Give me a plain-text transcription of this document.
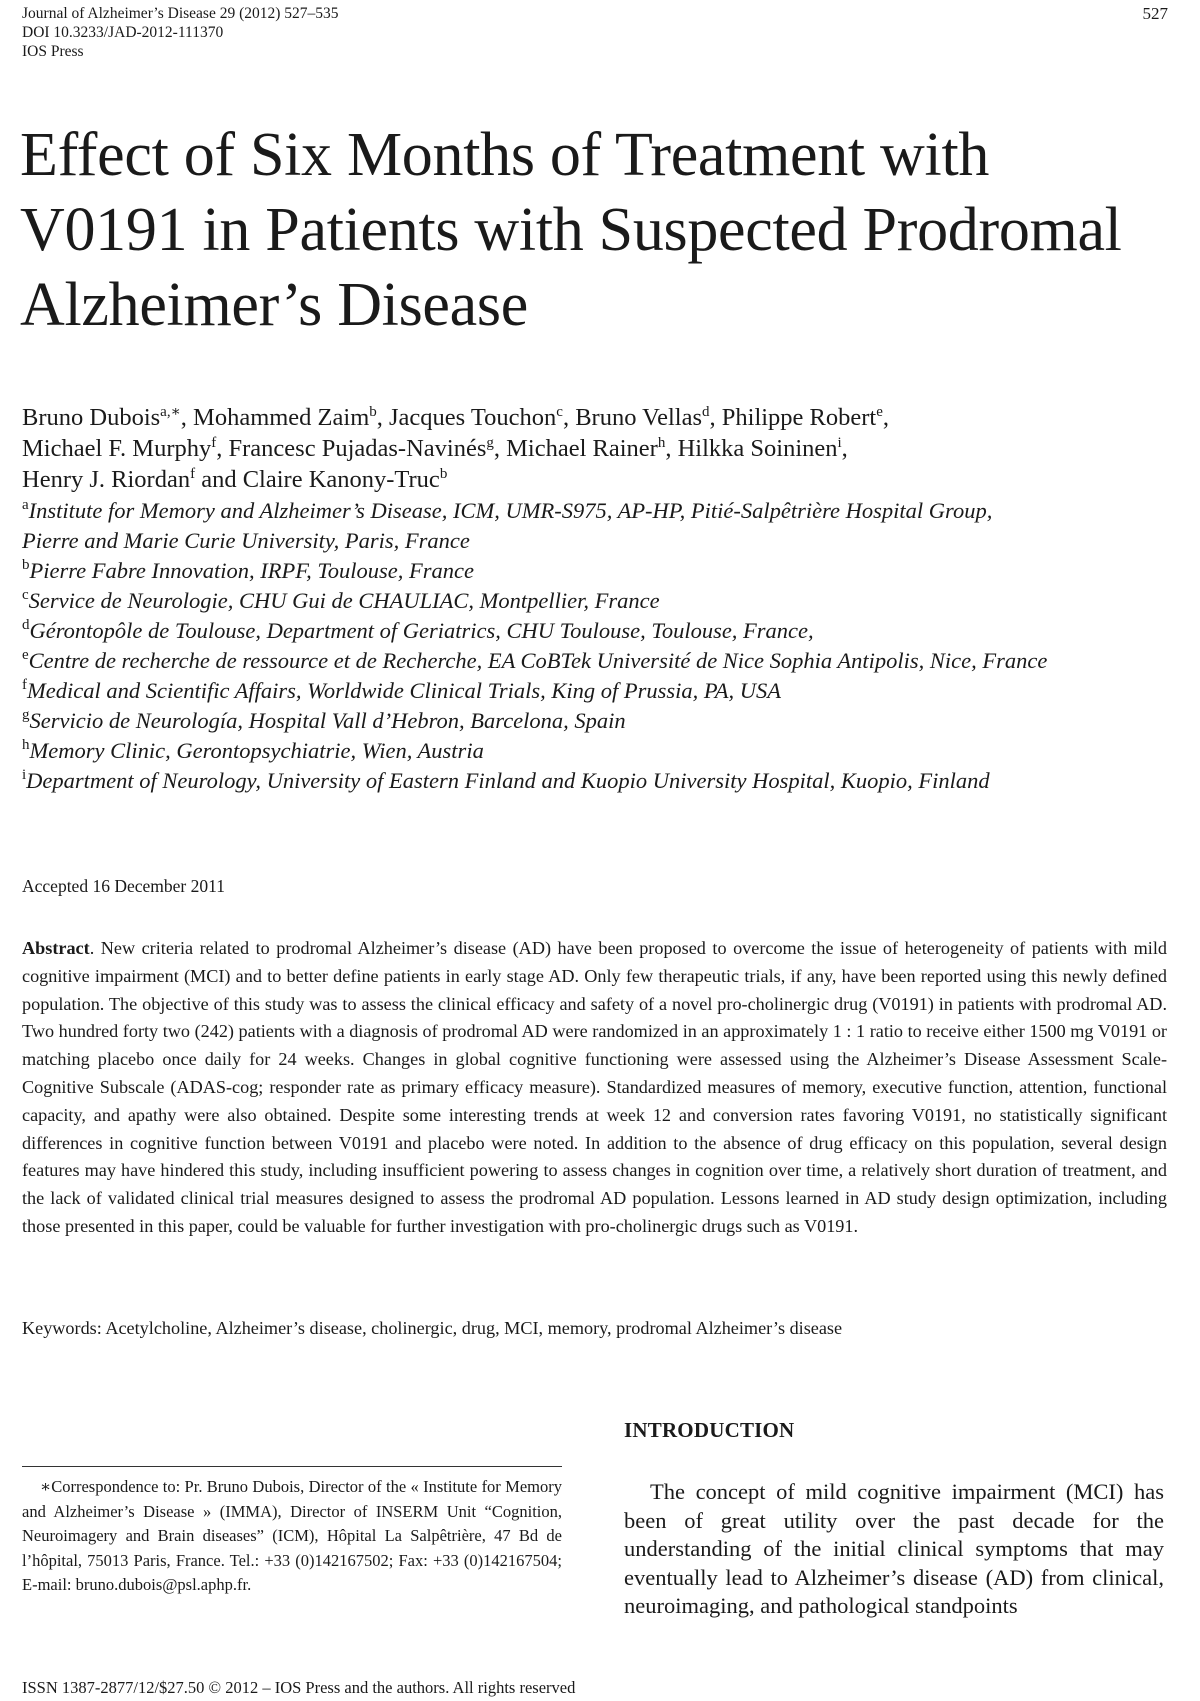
Journal of Alzheimer’s Disease 29 (2012) 527–535
DOI 10.3233/JAD-2012-111370
IOS Press
527
Effect of Six Months of Treatment with V0191 in Patients with Suspected Prodromal Alzheimer’s Disease
Bruno Dubois$^{a,∗}$, Mohammed Zaim$^b$, Jacques Touchon$^c$, Bruno Vellas$^d$, Philippe Robert$^e$,
Michael F. Murphy$^f$, Francesc Pujadas-Navinés$^g$, Michael Rainer$^h$, Hilkka Soininen$^i$,
Henry J. Riordan$^f$ and Claire Kanony-Truc$^b$
$^a$Institute for Memory and Alzheimer’s Disease, ICM, UMR-S975, AP-HP, Pitié-Salpêtrière Hospital Group,
Pierre and Marie Curie University, Paris, France
$^b$Pierre Fabre Innovation, IRPF, Toulouse, France
$^c$Service de Neurologie, CHU Gui de CHAULIAC, Montpellier, France
$^d$Gérontopôle de Toulouse, Department of Geriatrics, CHU Toulouse, Toulouse, France,
$^e$Centre de recherche de ressource et de Recherche, EA CoBTek Université de Nice Sophia Antipolis, Nice, France
$^f$Medical and Scientific Affairs, Worldwide Clinical Trials, King of Prussia, PA, USA
$^g$Servicio de Neurología, Hospital Vall d’Hebron, Barcelona, Spain
$^h$Memory Clinic, Gerontopsychiatrie, Wien, Austria
$^i$Department of Neurology, University of Eastern Finland and Kuopio University Hospital, Kuopio, Finland
Accepted 16 December 2011
Abstract. New criteria related to prodromal Alzheimer’s disease (AD) have been proposed to overcome the issue of heterogeneity of patients with mild cognitive impairment (MCI) and to better define patients in early stage AD. Only few therapeutic trials, if any, have been reported using this newly defined population. The objective of this study was to assess the clinical efficacy and safety of a novel pro-cholinergic drug (V0191) in patients with prodromal AD. Two hundred forty two (242) patients with a diagnosis of prodromal AD were randomized in an approximately 1 : 1 ratio to receive either 1500 mg V0191 or matching placebo once daily for 24 weeks. Changes in global cognitive functioning were assessed using the Alzheimer’s Disease Assessment Scale-Cognitive Subscale (ADAS-cog; responder rate as primary efficacy measure). Standardized measures of memory, executive function, attention, functional capacity, and apathy were also obtained. Despite some interesting trends at week 12 and conversion rates favoring V0191, no statistically significant differences in cognitive function between V0191 and placebo were noted. In addition to the absence of drug efficacy on this population, several design features may have hindered this study, including insufficient powering to assess changes in cognition over time, a relatively short duration of treatment, and the lack of validated clinical trial measures designed to assess the prodromal AD population. Lessons learned in AD study design optimization, including those presented in this paper, could be valuable for further investigation with pro-cholinergic drugs such as V0191.
Keywords: Acetylcholine, Alzheimer’s disease, cholinergic, drug, MCI, memory, prodromal Alzheimer’s disease
INTRODUCTION
∗Correspondence to: Pr. Bruno Dubois, Director of the « Institute for Memory and Alzheimer’s Disease » (IMMA), Director of INSERM Unit “Cognition, Neuroimagery and Brain diseases” (ICM), Hôpital La Salpêtrière, 47 Bd de l’hôpital, 75013 Paris, France. Tel.: +33 (0)142167502; Fax: +33 (0)142167504; E-mail: bruno.dubois@psl.aphp.fr.
The concept of mild cognitive impairment (MCI) has been of great utility over the past decade for the understanding of the initial clinical symptoms that may eventually lead to Alzheimer’s disease (AD) from clinical, neuroimaging, and pathological standpoints
ISSN 1387-2877/12/$27.50 © 2012 – IOS Press and the authors. All rights reserved
